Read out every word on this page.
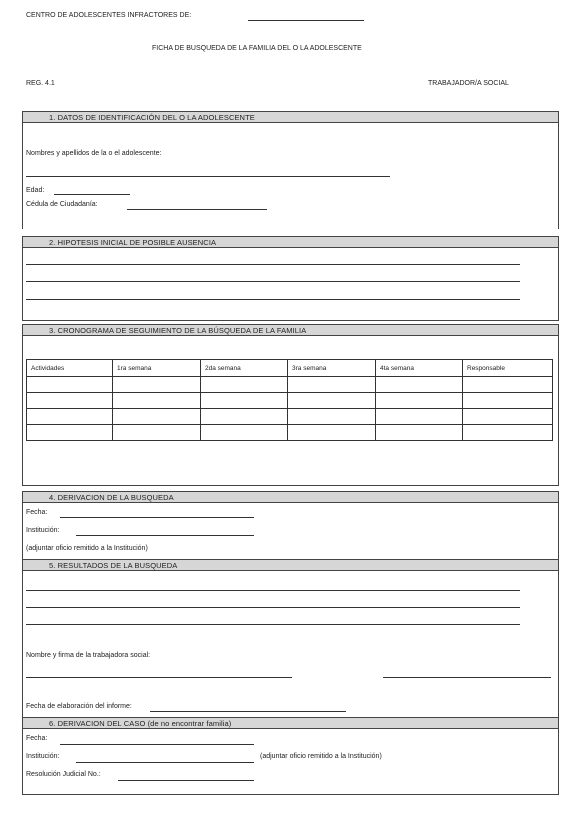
CENTRO DE ADOLESCENTES INFRACTORES DE:
FICHA DE BUSQUEDA DE LA FAMILIA DEL O LA ADOLESCENTE
REG. 4.1	TRABAJADOR/A SOCIAL
1. DATOS DE IDENTIFICACIÓN DEL O LA ADOLESCENTE
Nombres y apellidos de la o el adolescente:
Edad:
Cédula de Ciudadanía:
2. HIPOTESIS INICIAL DE POSIBLE AUSENCIA
3. CRONOGRAMA DE SEGUIMIENTO DE LA BÚSQUEDA DE LA FAMILIA
Actividades	1ra semana	2da semana	3ra semana	4ta semana	Responsable

4. DERIVACION DE LA BUSQUEDA
Fecha:
Institución:
(adjuntar oficio remitido a la Institución)
5. RESULTADOS DE LA BUSQUEDA
Nombre y firma de la trabajadora social:
Fecha de elaboración del informe:
6. DERIVACION DEL CASO (de no encontrar familia)
Fecha:
Institución:	(adjuntar oficio remitido a la Institución)
Resolución Judicial No.:
